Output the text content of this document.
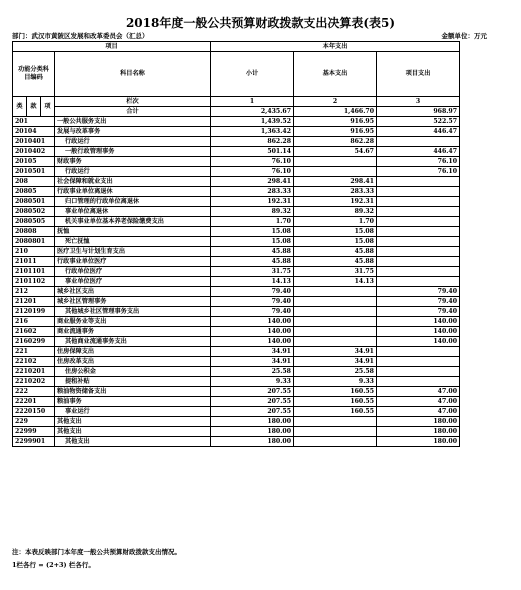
2018年度一般公共预算财政拨款支出决算表(表5)
部门：武汉市黄陂区发展和改革委员会（汇总）	金额单位：万元
项目				本年支出		
功能分类科目编码			科目名称	小计	基本支出	项目支出
类	款	项	栏次	1	2	3
			合计	2,435.67	1,466.70	968.97
201			一般公共服务支出	1,439.52	916.95	522.57
20104			发展与改革事务	1,363.42	916.95	446.47
2010401			行政运行	862.28	862.28	
2010402			一般行政管理事务	501.14	54.67	446.47
20105			财政事务	76.10		76.10
2010501			行政运行	76.10		76.10
208			社会保障和就业支出	298.41	298.41	
20805			行政事业单位离退休	283.33	283.33	
2080501			归口管理的行政单位离退休	192.31	192.31	
2080502			事业单位离退休	89.32	89.32	
2080505			机关事业单位基本养老保险缴费支出	1.70	1.70	
20808			抚恤	15.08	15.08	
2080801			死亡抚恤	15.08	15.08	
210			医疗卫生与计划生育支出	45.88	45.88	
21011			行政事业单位医疗	45.88	45.88	
2101101			行政单位医疗	31.75	31.75	
2101102			事业单位医疗	14.13	14.13	
212			城乡社区支出	79.40		79.40
21201			城乡社区管理事务	79.40		79.40
2120199			其他城乡社区管理事务支出	79.40		79.40
216			商业服务业等支出	140.00		140.00
21602			商业流通事务	140.00		140.00
2160299			其他商业流通事务支出	140.00		140.00
221			住房保障支出	34.91	34.91	
22102			住房改革支出	34.91	34.91	
2210201			住房公积金	25.58	25.58	
2210202			提租补贴	9.33	9.33	
222			粮油物资储备支出	207.55	160.55	47.00
22201			粮油事务	207.55	160.55	47.00
2220150			事业运行	207.55	160.55	47.00
229			其他支出	180.00		180.00
22999			其他支出	180.00		180.00
2299901			其他支出	180.00		180.00
注：本表反映部门本年度一般公共预算财政拨款支出情况。
1栏各行 = (2+3) 栏各行。
